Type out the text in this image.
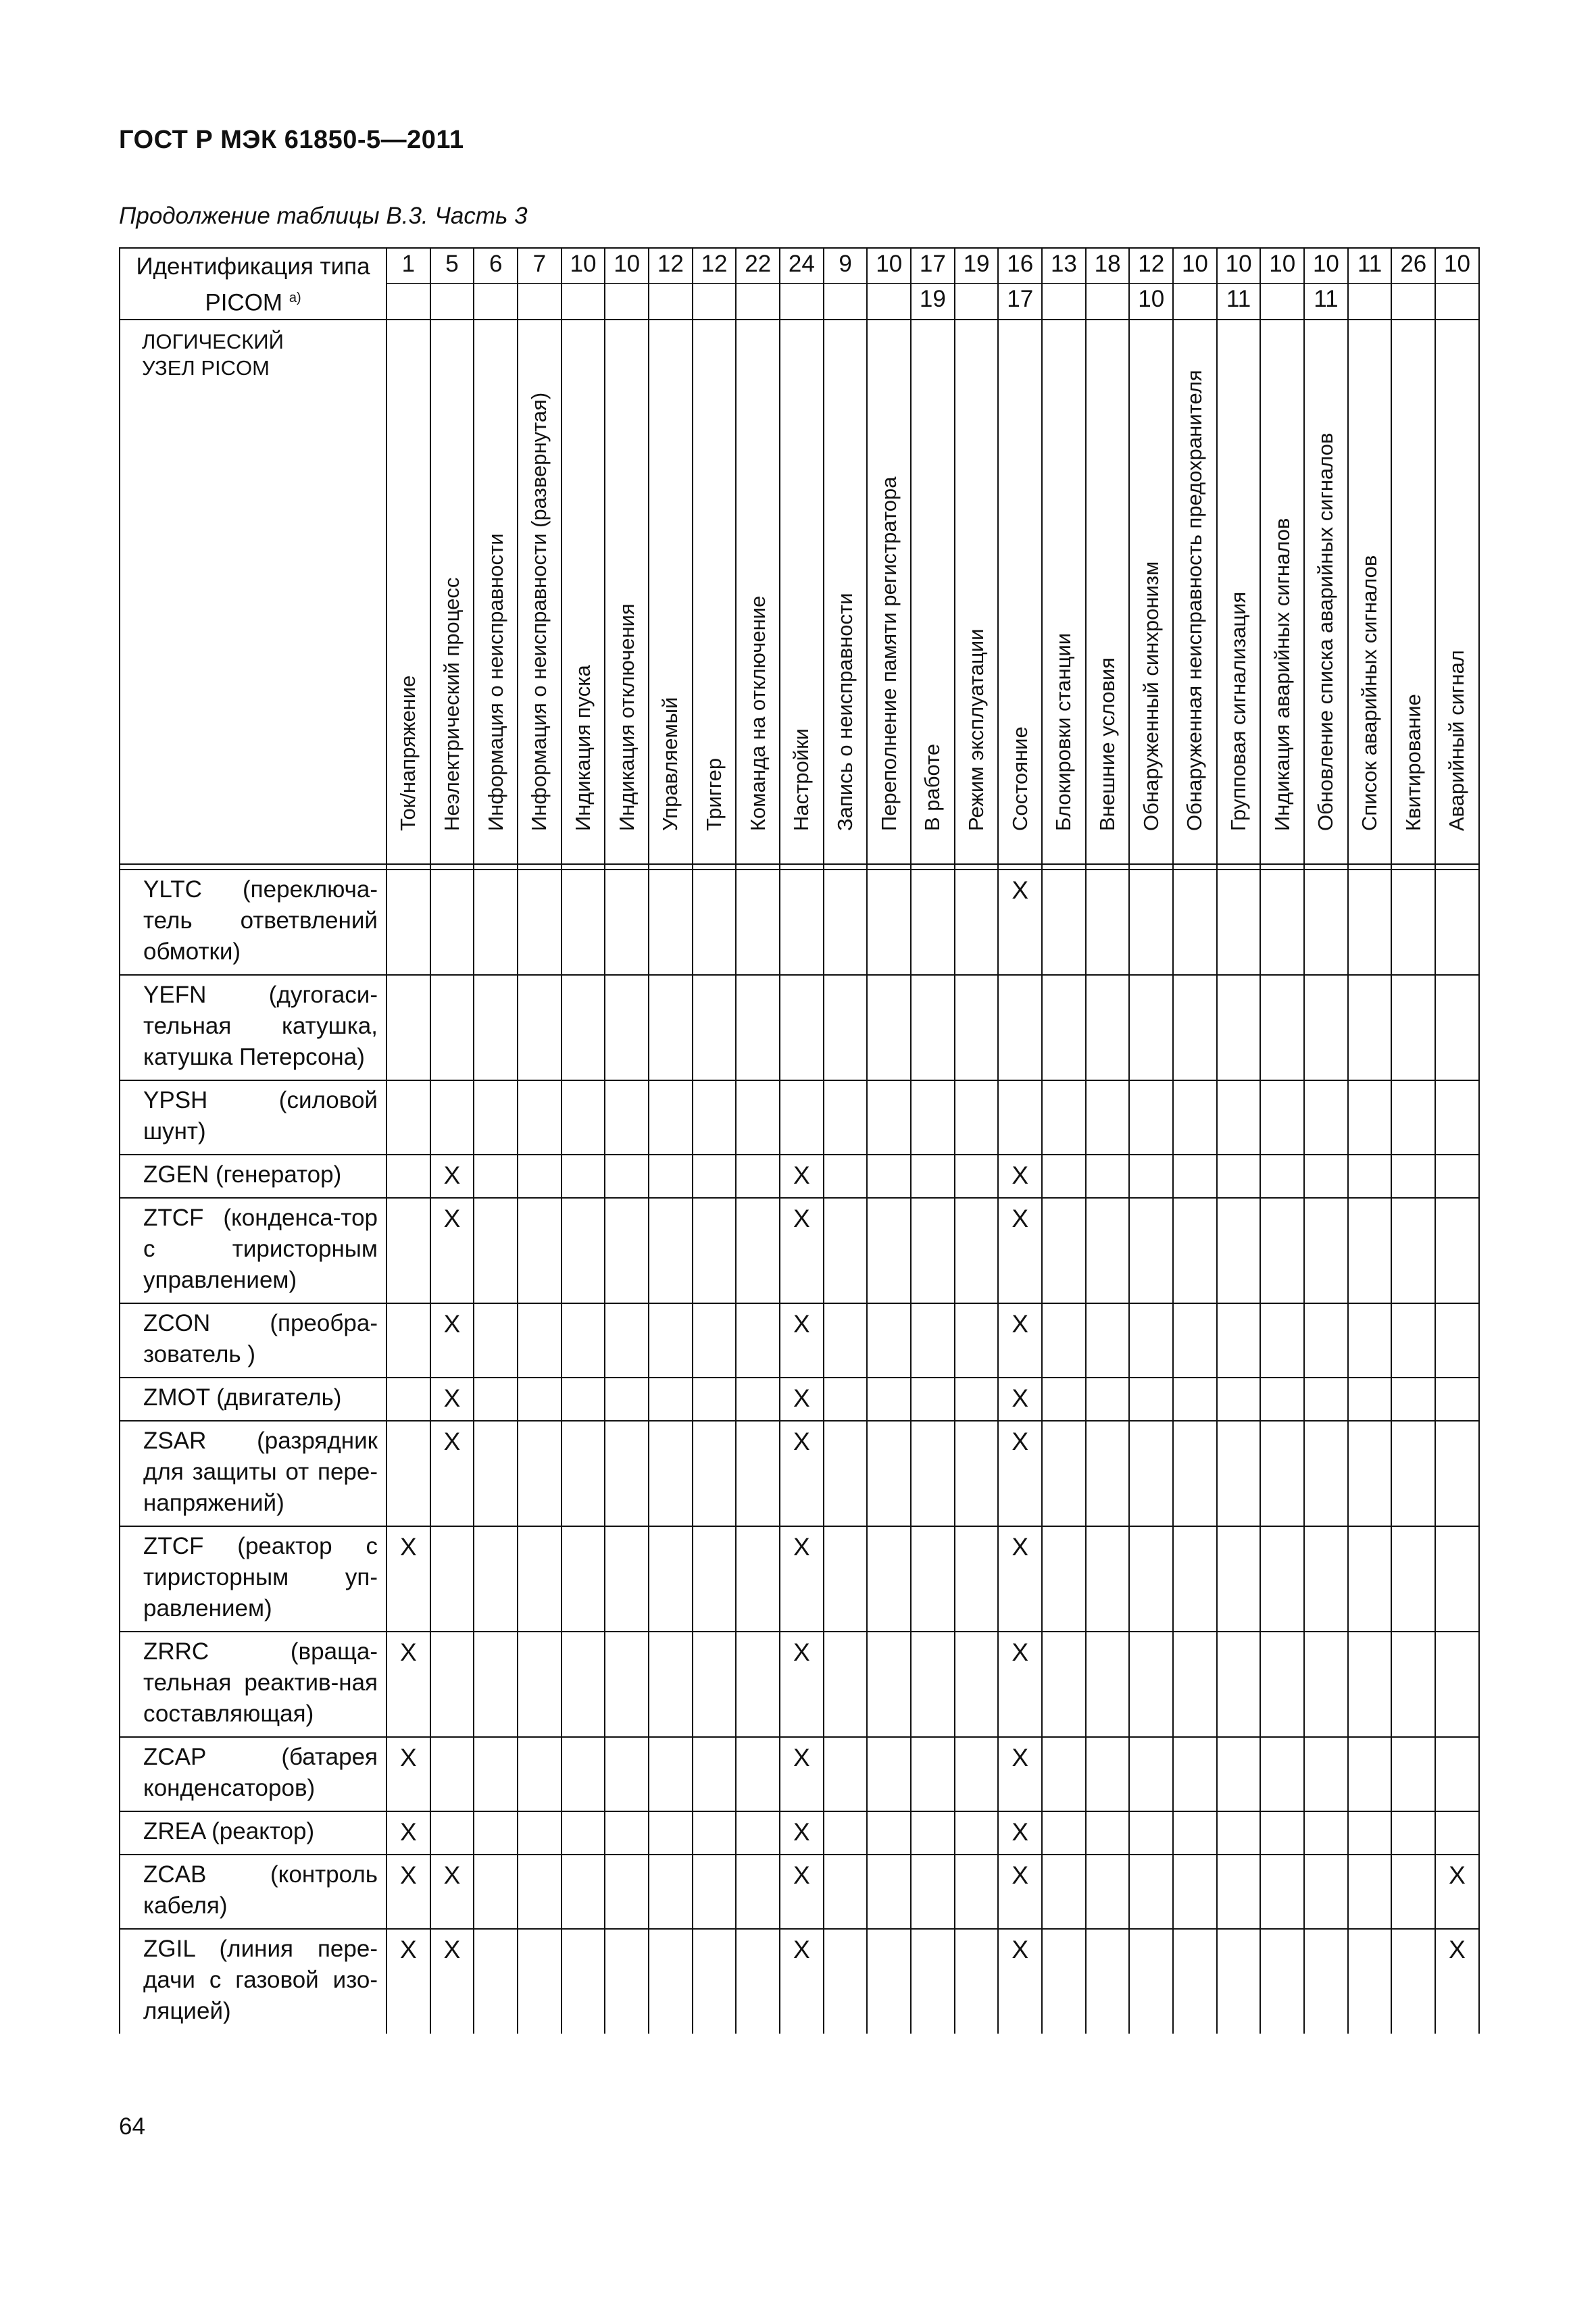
ГОСТ Р МЭК 61850-5—2011
Продолжение таблицы B.3. Часть 3
Идентификация типа PICOM $^{a)}$	1	5	6	7	10	10	12	12	22	24	9	10	17	19	16	13	18	12	10	10	10	10	11	26	10
													19		17			10		11		11			

ЛОГИЧЕСКИЙ УЗЕЛ PICOM	Ток/напряжение	Неэлектрический процесс	Информация о неисправности	Информация о неисправности (развернутая)	Индикация пуска	Индикация отключения	Управляемый	Триггер	Команда на отключение	Настройки	Запись о неисправности	Переполнение памяти регистратора	В работе	Режим эксплуатации	Состояние	Блокировки станции	Внешние условия	Обнаруженный синхронизм	Обнаруженная неисправность предохранителя	Групповая сигнализация	Индикация аварийных сигналов	Обновление списка аварийных сигналов	Список аварийных сигналов	Квитирование	Аварийный сигнал

YLTC (переключа-тель ответвлений обмотки)															X										
YEFN (дугогаси-тельная катушка, катушка Петерсона)																									
YPSH (силовой шунт)																									
ZGEN (генератор)		X								X					X										
ZTCF (конденса-тор с тиристорным управлением)		X								X					X										
ZCON (преобра-зователь )		X								X					X										
ZMOT (двигатель)		X								X					X										
ZSAR (разрядник для защиты от пере-напряжений)		X								X					X										
ZTCF (реактор с тиристорным уп-равлением)	X									X					X										
ZRRC (враща-тельная реактив-ная составляющая)	X									X					X										
ZCAP (батарея конденсаторов)	X									X					X										
ZREA (реактор)	X									X					X										
ZCAB (контроль кабеля)	X	X								X					X										X
ZGIL (линия пере-дачи с газовой изо-ляцией)	X	X								X					X										X
64
